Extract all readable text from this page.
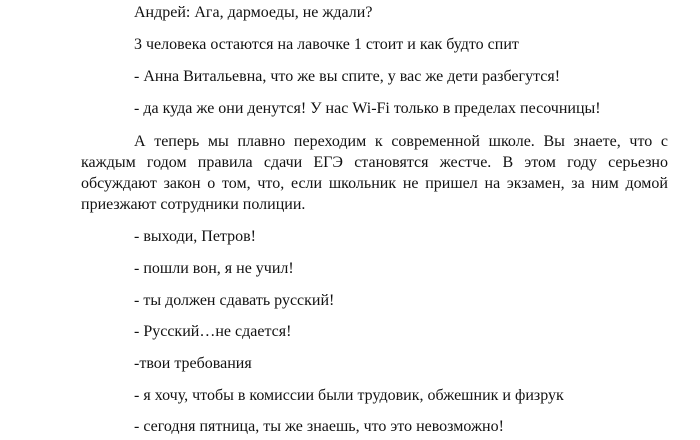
Андрей: Ага, дармоеды, не ждали?
3 человека остаются на лавочке 1 стоит и как будто спит
- Анна Витальевна, что же вы спите, у вас же дети разбегутся!
- да куда же они денутся! У нас Wi-Fi только в пределах песочницы!
А теперь мы плавно переходим к современной школе. Вы знаете, что с каждым годом правила сдачи ЕГЭ становятся жестче. В этом году серьезно обсуждают закон о том, что, если школьник не пришел на экзамен, за ним домой приезжают сотрудники полиции.
- выходи, Петров!
- пошли вон, я не учил!
- ты должен сдавать русский!
- Русский…не сдается!
-твои требования
- я хочу, чтобы в комиссии были трудовик, обжешник и физрук
- сегодня пятница, ты же знаешь, что это невозможно!
